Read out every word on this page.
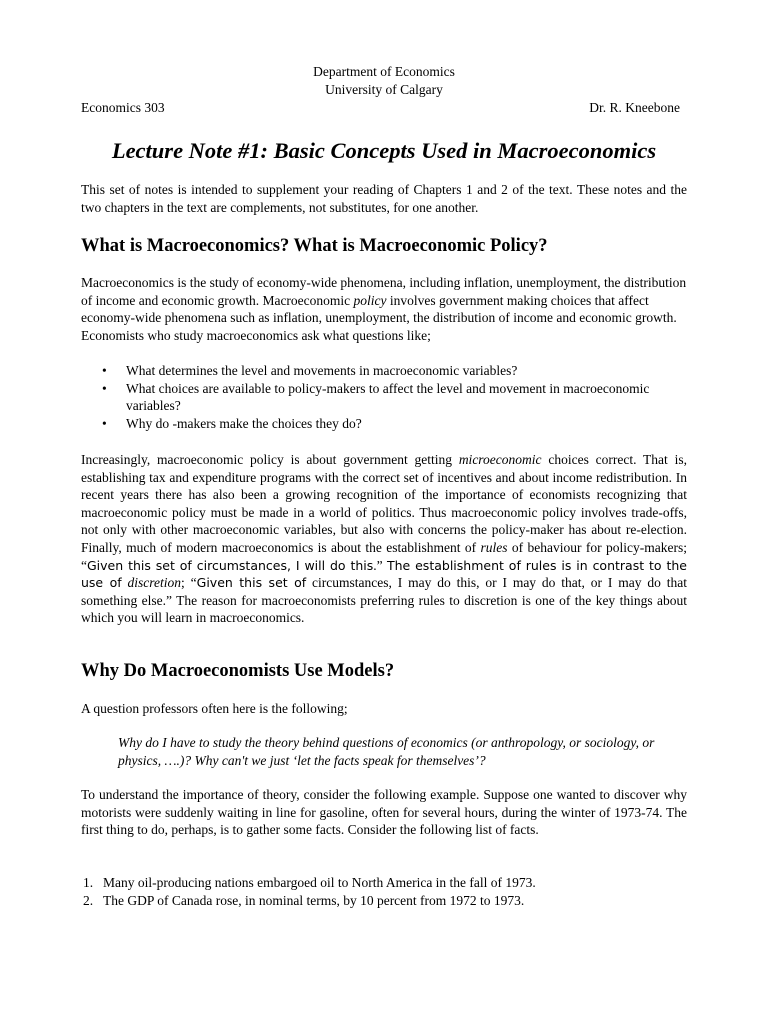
Department of Economics
University of Calgary
Economics 303	Dr. R. Kneebone
Lecture Note #1: Basic Concepts Used in Macroeconomics
This set of notes is intended to supplement your reading of Chapters 1 and 2 of the text. These notes and the two chapters in the text are complements, not substitutes, for one another.
What is Macroeconomics? What is Macroeconomic Policy?
Macroeconomics is the study of economy-wide phenomena, including inflation, unemployment, the distribution of income and economic growth. Macroeconomic policy involves government making choices that affect economy-wide phenomena such as inflation, unemployment, the distribution of income and economic growth. Economists who study macroeconomics ask what questions like;
• What determines the level and movements in macroeconomic variables?
• What choices are available to policy-makers to affect the level and movement in macroeconomic variables?
• Why do -makers make the choices they do?
Increasingly, macroeconomic policy is about government getting microeconomic choices correct. That is, establishing tax and expenditure programs with the correct set of incentives and about income redistribution. In recent years there has also been a growing recognition of the importance of economists recognizing that macroeconomic policy must be made in a world of politics. Thus macroeconomic policy involves trade-offs, not only with other macroeconomic variables, but also with concerns the policy-maker has about re-election. Finally, much of modern macroeconomics is about the establishment of rules of behaviour for policy-makers; “Given this set of circumstances, I will do this.” The establishment of rules is in contrast to the use of discretion; “Given this set of circumstances, I may do this, or I may do that, or I may do that something else.” The reason for macroeconomists preferring rules to discretion is one of the key things about which you will learn in macroeconomics.
Why Do Macroeconomists Use Models?
A question professors often here is the following;
Why do I have to study the theory behind questions of economics (or anthropology, or sociology, or physics, ….)? Why can't we just ‘let the facts speak for themselves’?
To understand the importance of theory, consider the following example. Suppose one wanted to discover why motorists were suddenly waiting in line for gasoline, often for several hours, during the winter of 1973-74. The first thing to do, perhaps, is to gather some facts. Consider the following list of facts.
1. Many oil-producing nations embargoed oil to North America in the fall of 1973.
2. The GDP of Canada rose, in nominal terms, by 10 percent from 1972 to 1973.
